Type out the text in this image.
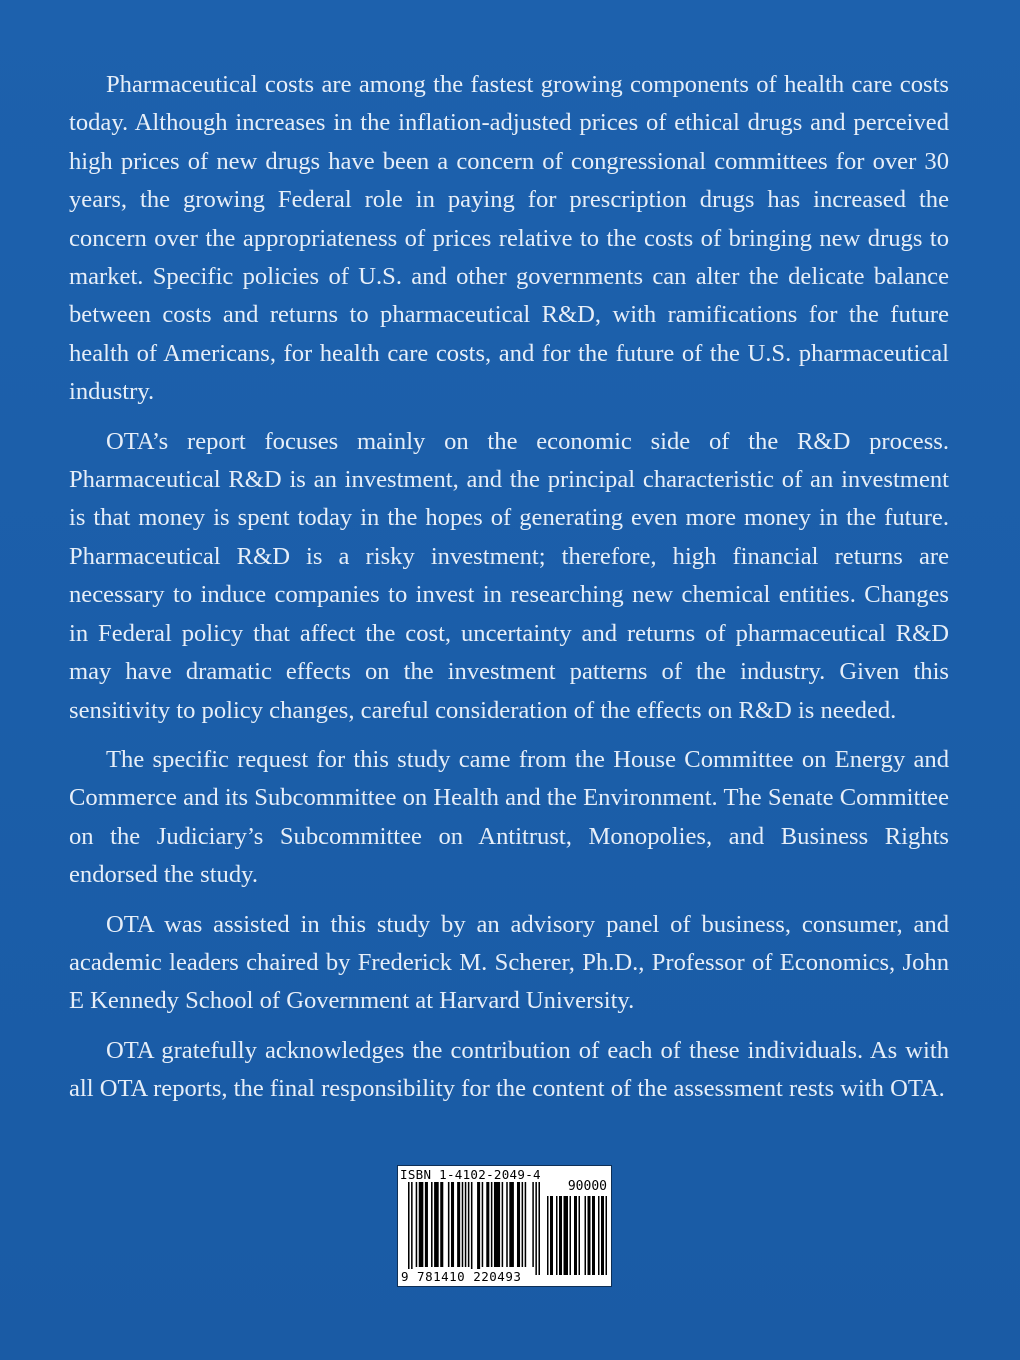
Pharmaceutical costs are among the fastest growing components of health care costs today. Although increases in the inflation-adjusted prices of ethical drugs and perceived high prices of new drugs have been a concern of congressional committees for over 30 years, the growing Federal role in paying for prescription drugs has increased the concern over the appropriateness of prices relative to the costs of bringing new drugs to market. Specific policies of U.S. and other governments can alter the delicate balance between costs and returns to pharmaceutical R&D, with ramifications for the future health of Americans, for health care costs, and for the future of the U.S. pharmaceutical industry.

OTA’s report focuses mainly on the economic side of the R&D process. Pharmaceutical R&D is an investment, and the principal characteristic of an investment is that money is spent today in the hopes of generating even more money in the future. Pharmaceutical R&D is a risky investment; therefore, high financial returns are necessary to induce companies to invest in researching new chemical entities. Changes in Federal policy that affect the cost, uncertainty and returns of pharmaceutical R&D may have dramatic effects on the investment patterns of the industry. Given this sensitivity to policy changes, careful consideration of the effects on R&D is needed.

The specific request for this study came from the House Committee on Energy and Commerce and its Subcommittee on Health and the Environment. The Senate Committee on the Judiciary’s Subcommittee on Antitrust, Monopolies, and Business Rights endorsed the study.

OTA was assisted in this study by an advisory panel of business, consumer, and academic leaders chaired by Frederick M. Scherer, Ph.D., Professor of Economics, John E Kennedy School of Government at Harvard University.

OTA gratefully acknowledges the contribution of each of these individuals. As with all OTA reports, the final responsibility for the content of the assessment rests with OTA.

ISBN 1-4102-2049-4
90000
9 781410 220493
